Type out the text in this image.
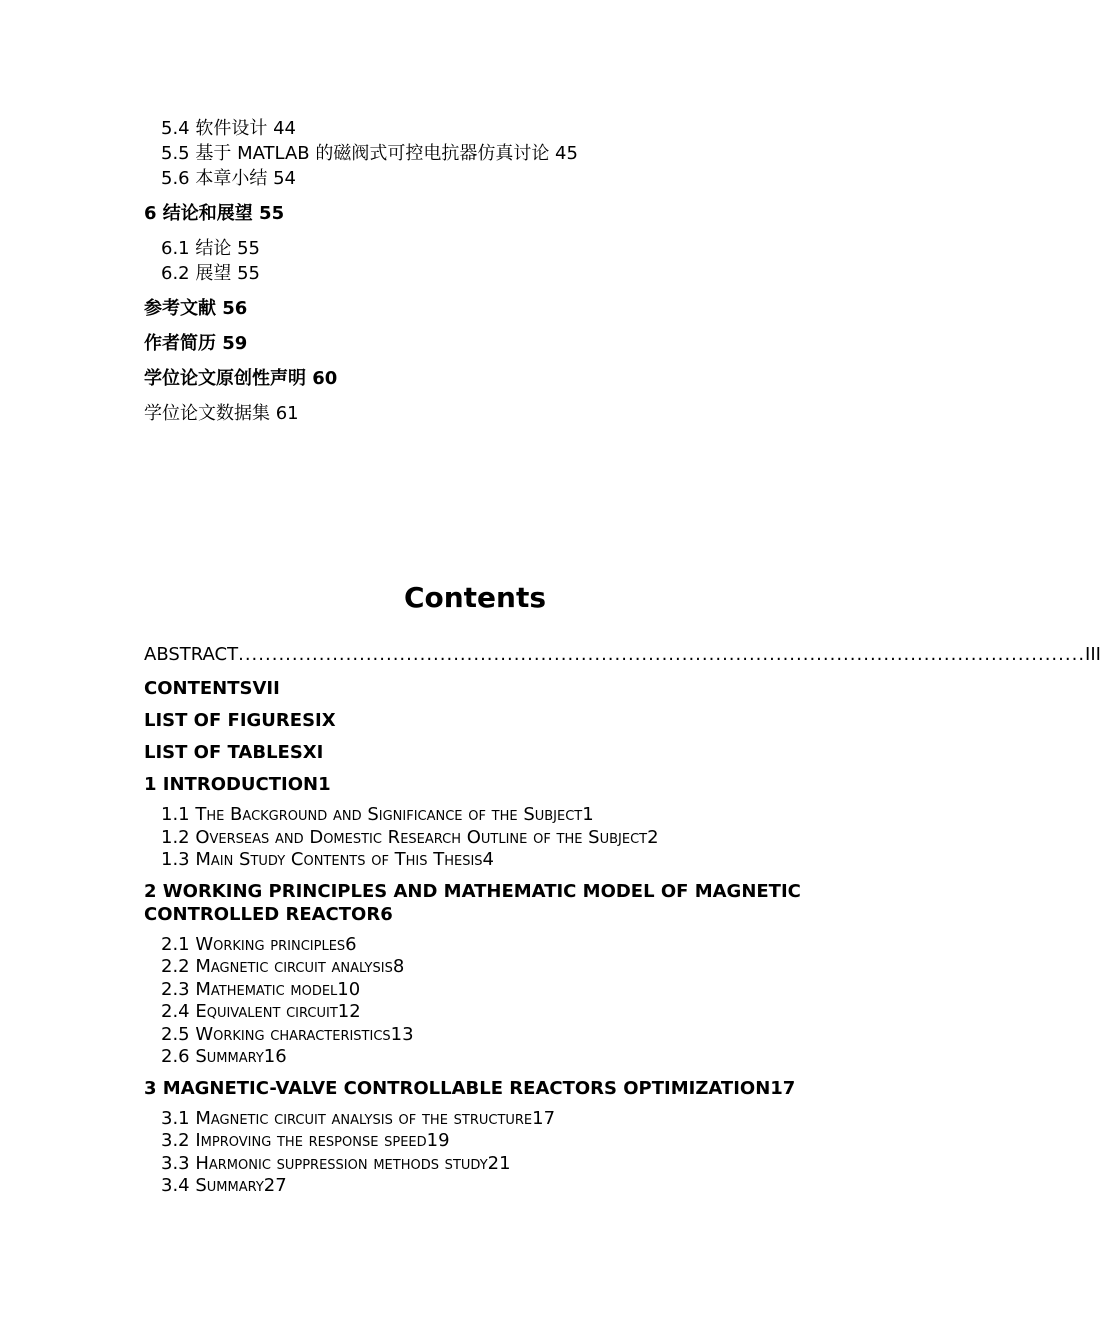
5.4 软件设计 44
5.5 基于 MATLAB 的磁阀式可控电抗器仿真讨论 45
5.6 本章小结 54
6 结论和展望 55
6.1 结论 55
6.2 展望 55
参考文献 56
作者简历 59
学位论文原创性声明 60
学位论文数据集 61
Contents
ABSTRACT .............................................................................................................................. III
CONTENTSVII
LIST OF FIGURESIX
LIST OF TABLESXI
1 INTRODUCTION1
1.1 The Background and Significance of the Subject1
1.2 Overseas and Domestic Research Outline of the Subject2
1.3 Main Study Contents of This Thesis4
2 WORKING PRINCIPLES AND MATHEMATIC MODEL OF MAGNETIC CONTROLLED REACTOR6
2.1 Working principles6
2.2 Magnetic circuit analysis8
2.3 Mathematic model10
2.4 Equivalent circuit12
2.5 Working characteristics13
2.6 Summary16
3 MAGNETIC-VALVE CONTROLLABLE REACTORS OPTIMIZATION17
3.1 Magnetic circuit analysis of the structure17
3.2 Improving the response speed19
3.3 Harmonic suppression methods study21
3.4 Summary27
